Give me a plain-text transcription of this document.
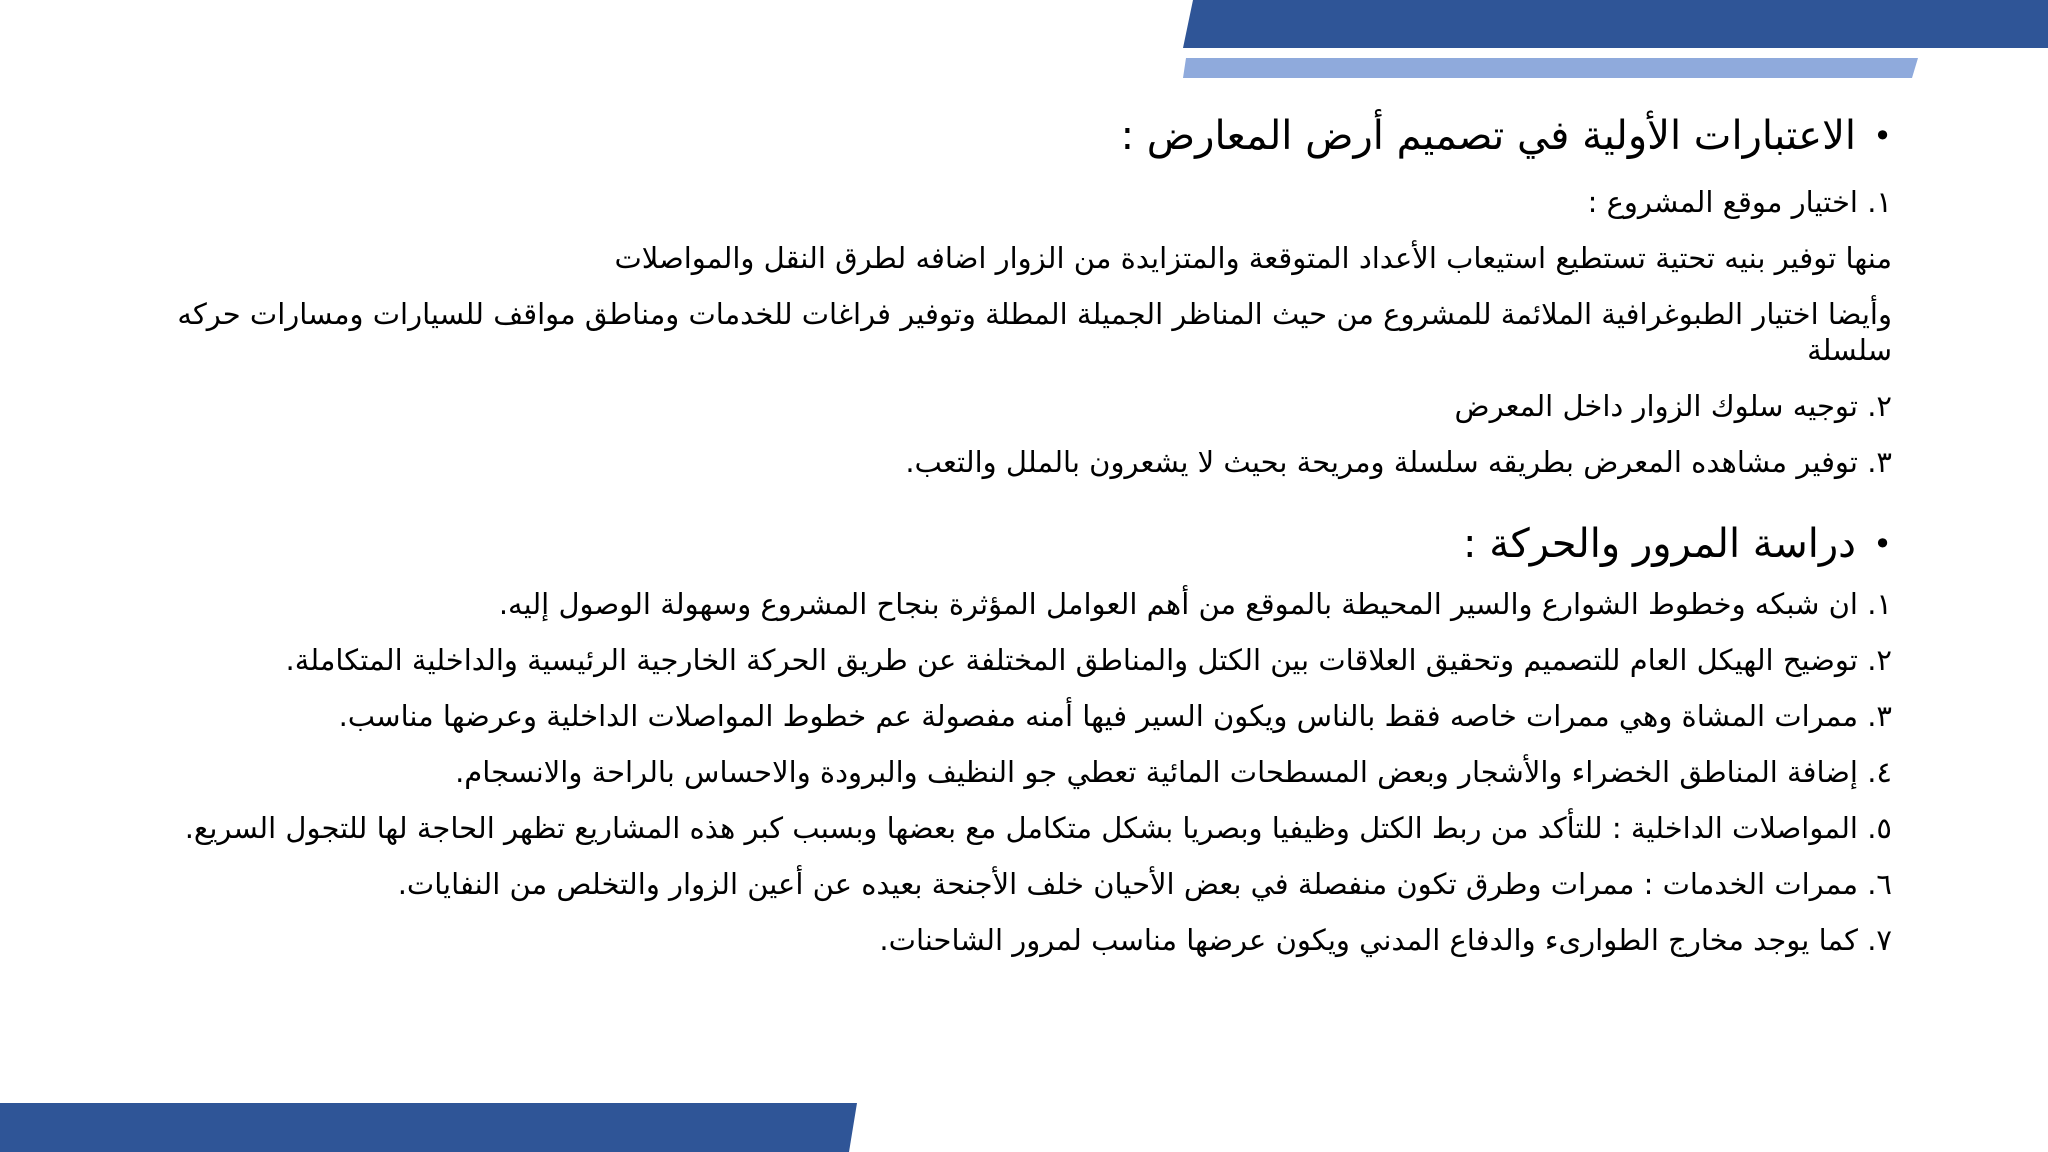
•
الاعتبارات الأولية في تصميم أرض المعارض :

١. اختيار موقع المشروع :

منها توفير بنيه تحتية تستطيع استيعاب الأعداد المتوقعة والمتزايدة من الزوار اضافه لطرق النقل والمواصلات

وأيضا اختيار الطبوغرافية الملائمة للمشروع من حيث المناظر الجميلة المطلة وتوفير فراغات للخدمات ومناطق مواقف للسيارات ومسارات حركه سلسلة

٢. توجيه سلوك الزوار داخل المعرض

٣. توفير مشاهده المعرض بطريقه سلسلة ومريحة بحيث لا يشعرون بالملل والتعب.

•
دراسة المرور والحركة :

١. ان شبكه وخطوط الشوارع والسير المحيطة بالموقع من أهم العوامل المؤثرة بنجاح المشروع وسهولة الوصول إليه.

٢. توضيح الهيكل العام للتصميم وتحقيق العلاقات بين الكتل والمناطق المختلفة عن طريق الحركة الخارجية الرئيسية والداخلية المتكاملة.

٣. ممرات المشاة وهي ممرات خاصه فقط بالناس ويكون السير فيها أمنه مفصولة عم خطوط المواصلات الداخلية وعرضها مناسب.

٤. إضافة المناطق الخضراء والأشجار وبعض المسطحات المائية تعطي جو النظيف والبرودة والاحساس بالراحة والانسجام.

٥. المواصلات الداخلية : للتأكد من ربط الكتل وظيفيا وبصريا بشكل متكامل مع بعضها وبسبب كبر هذه المشاريع تظهر الحاجة لها للتجول السريع.

٦. ممرات الخدمات : ممرات وطرق تكون منفصلة في بعض الأحيان خلف الأجنحة بعيده عن أعين الزوار والتخلص من النفايات.

٧. كما يوجد مخارج الطوارىء والدفاع المدني ويكون عرضها مناسب لمرور الشاحنات.
